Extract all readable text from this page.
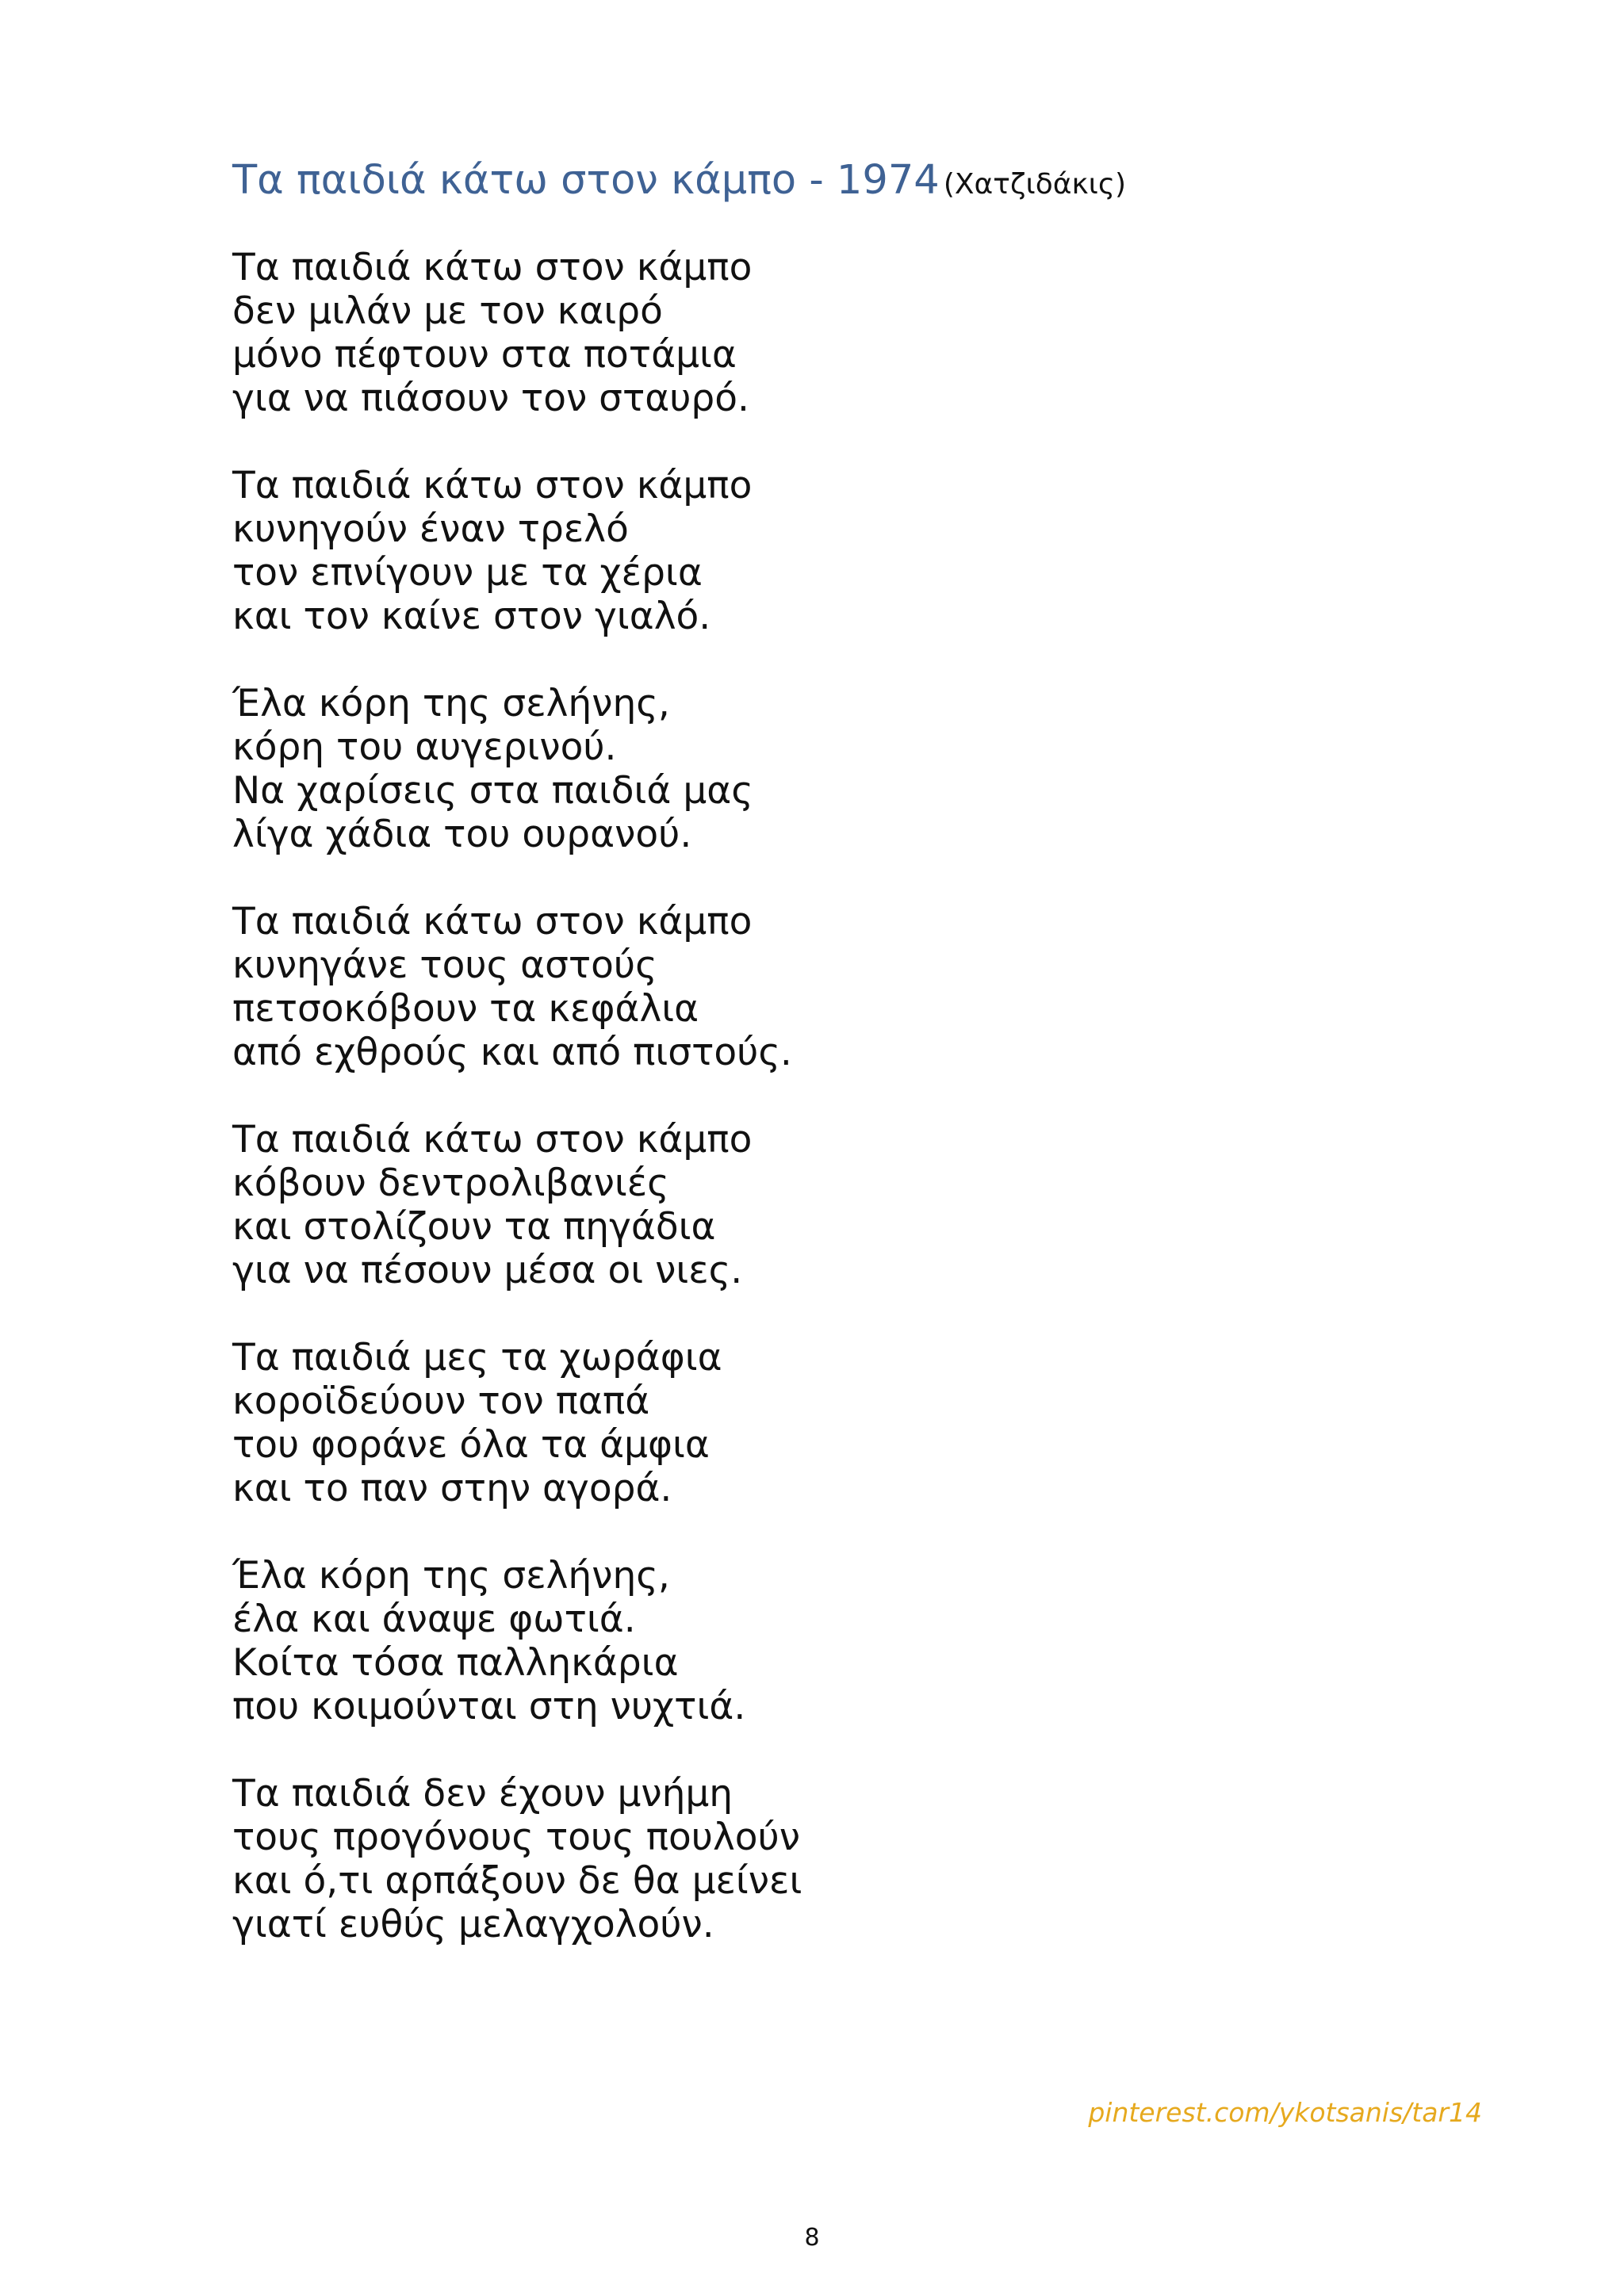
Τα παιδιά κάτω στον κάμπο - 1974 (Χατζιδάκις)
Τα παιδιά κάτω στον κάμπο
δεν μιλάν με τον καιρό
μόνο πέφτουν στα ποτάμια
για να πιάσουν τον σταυρό.
Τα παιδιά κάτω στον κάμπο
κυνηγούν έναν τρελό
τον επνίγουν με τα χέρια
και τον καίνε στον γιαλό.
Έλα κόρη της σελήνης,
κόρη του αυγερινού.
Να χαρίσεις στα παιδιά μας
λίγα χάδια του ουρανού.
Τα παιδιά κάτω στον κάμπο
κυνηγάνε τους αστούς
πετσοκόβουν τα κεφάλια
από εχθρούς και από πιστούς.
Τα παιδιά κάτω στον κάμπο
κόβουν δεντρολιβανιές
και στολίζουν τα πηγάδια
για να πέσουν μέσα οι νιες.
Τα παιδιά μες τα χωράφια
κοροϊδεύουν τον παπά
του φοράνε όλα τα άμφια
και το παν στην αγορά.
Έλα κόρη της σελήνης,
έλα και άναψε φωτιά.
Κοίτα τόσα παλληκάρια
που κοιμούνται στη νυχτιά.
Τα παιδιά δεν έχουν μνήμη
τους προγόνους τους πουλούν
και ό,τι αρπάξουν δε θα μείνει
γιατί ευθύς μελαγχολούν.
pinterest.com/ykotsanis/tar14
8
